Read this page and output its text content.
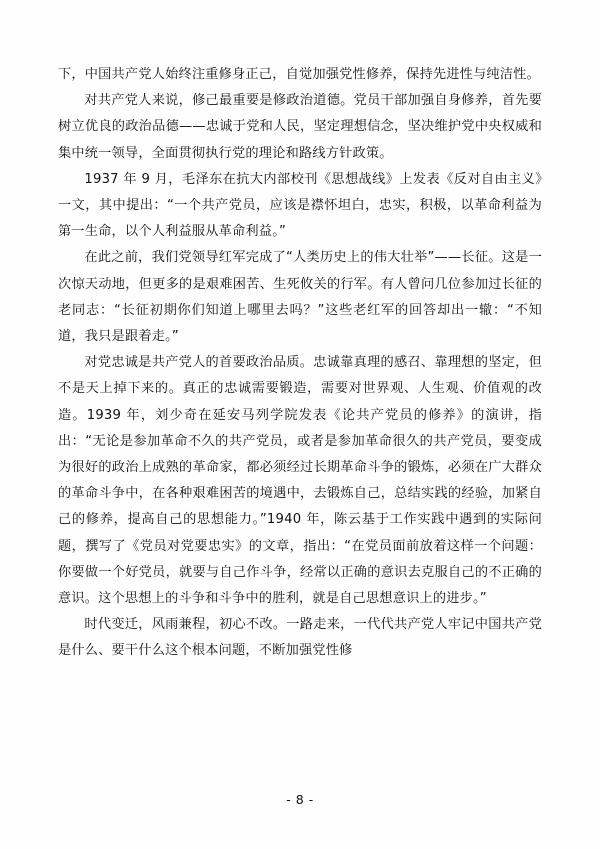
下，中国共产党人始终注重修身正己，自觉加强党性修养，保持先进性与纯洁性。

对共产党人来说，修己最重要是修政治道德。党员干部加强自身修养，首先要树立优良的政治品德——忠诚于党和人民，坚定理想信念，坚决维护党中央权威和集中统一领导，全面贯彻执行党的理论和路线方针政策。

1937 年 9 月，毛泽东在抗大内部校刊《思想战线》上发表《反对自由主义》一文，其中提出：“一个共产党员，应该是襟怀坦白，忠实，积极，以革命利益为第一生命，以个人利益服从革命利益。”

在此之前，我们党领导红军完成了“人类历史上的伟大壮举”——长征。这是一次惊天动地，但更多的是艰难困苦、生死攸关的行军。有人曾问几位参加过长征的老同志：“长征初期你们知道上哪里去吗？”这些老红军的回答却出一辙：“不知道，我只是跟着走。”

对党忠诚是共产党人的首要政治品质。忠诚靠真理的感召、靠理想的坚定，但不是天上掉下来的。真正的忠诚需要锻造，需要对世界观、人生观、价值观的改造。1939 年，刘少奇在延安马列学院发表《论共产党员的修养》的演讲，指出：“无论是参加革命不久的共产党员，或者是参加革命很久的共产党员，要变成为很好的政治上成熟的革命家，都必须经过长期革命斗争的锻炼，必须在广大群众的革命斗争中，在各种艰难困苦的境遇中，去锻炼自己，总结实践的经验，加紧自己的修养，提高自己的思想能力。”1940 年，陈云基于工作实践中遇到的实际问题，撰写了《党员对党要忠实》的文章，指出：“在党员面前放着这样一个问题：你要做一个好党员，就要与自己作斗争，经常以正确的意识去克服自己的不正确的意识。这个思想上的斗争和斗争中的胜利，就是自己思想意识上的进步。”

时代变迁，风雨兼程，初心不改。一路走来，一代代共产党人牢记中国共产党是什么、要干什么这个根本问题，不断加强党性修

- 8 -
